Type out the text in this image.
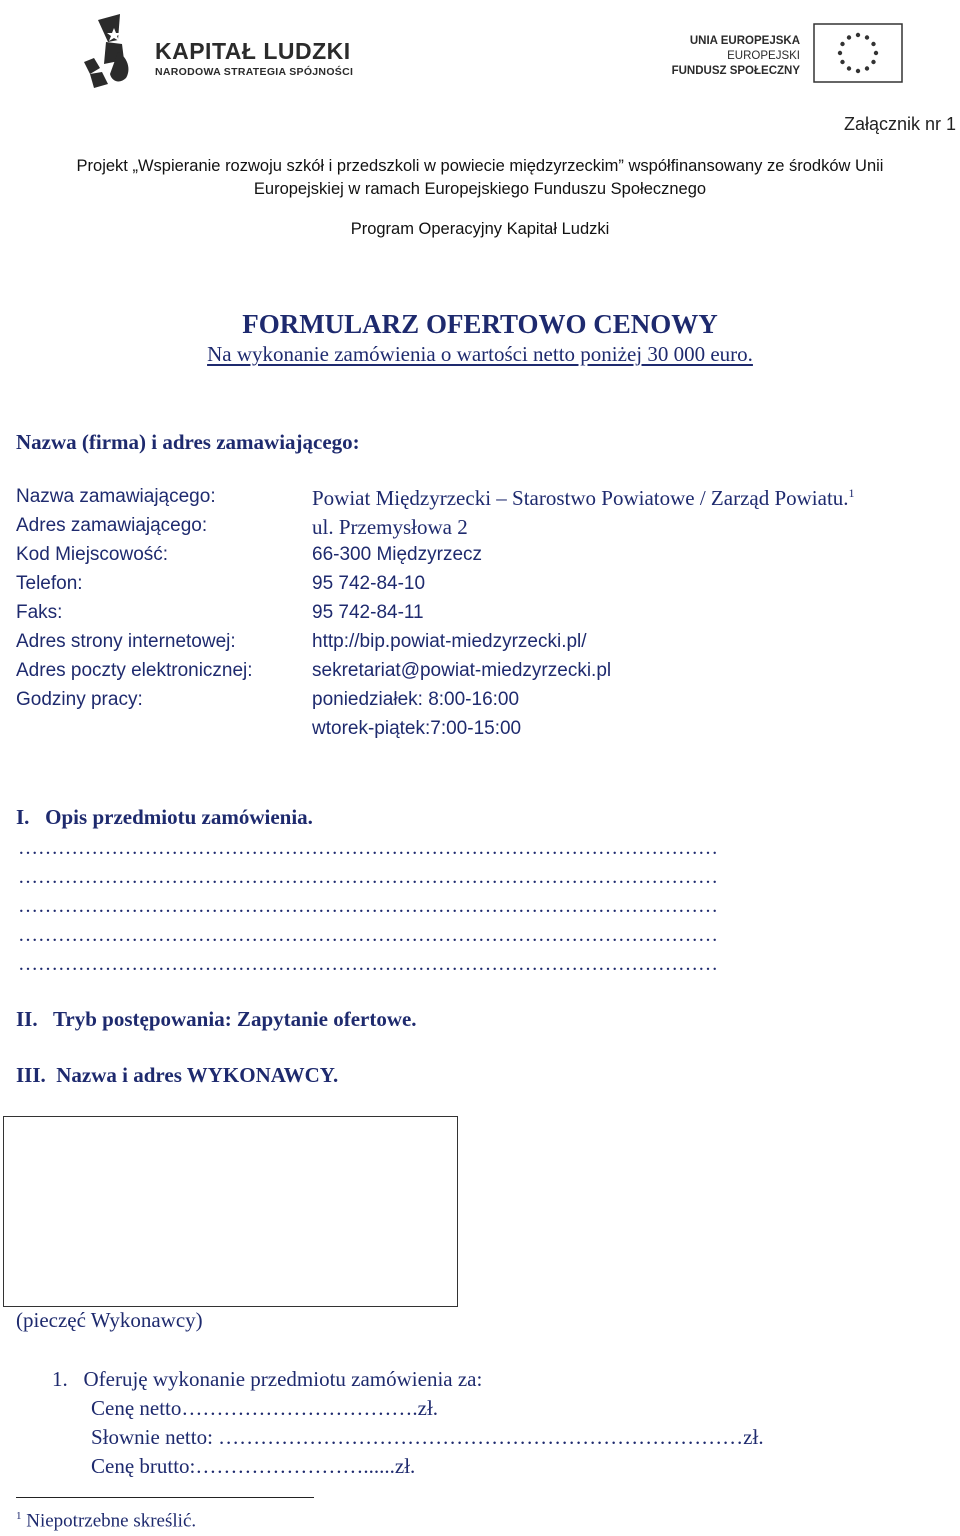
KAPITAŁ LUDZKI
NARODOWA STRATEGIA SPÓJNOŚCI
UNIA EUROPEJSKA
EUROPEJSKI
FUNDUSZ SPOŁECZNY
Załącznik nr 1
Projekt „Wspieranie rozwoju szkół i przedszkoli w powiecie międzyrzeckim” współfinansowany ze środków Unii
Europejskiej w ramach Europejskiego Funduszu Społecznego
Program Operacyjny Kapitał Ludzki
FORMULARZ OFERTOWO CENOWY
Na wykonanie zamówienia o wartości netto poniżej 30 000 euro.
Nazwa (firma) i adres zamawiającego:
Nazwa zamawiającego:	Powiat Międzyrzecki – Starostwo Powiatowe / Zarząd Powiatu.$^1$
Adres zamawiającego:	ul. Przemysłowa 2
Kod Miejscowość:	66-300 Międzyrzecz
Telefon:	95 742-84-10
Faks:	95 742-84-11
Adres strony internetowej:	http://bip.powiat-miedzyrzecki.pl/
Adres poczty elektronicznej:	sekretariat@powiat-miedzyrzecki.pl
Godziny pracy:	poniedziałek: 8:00-16:00
wtorek-piątek:7:00-15:00
I.   Opis przedmiotu zamówienia.
……………………………………………………………………………………………
……………………………………………………………………………………………
……………………………………………………………………………………………
……………………………………………………………………………………………
……………………………………………………………………………………………
II.   Tryb postępowania: Zapytanie ofertowe.
III.  Nazwa i adres WYKONAWCY.
(pieczęć Wykonawcy)
1.   Oferuję wykonanie przedmiotu zamówienia za:
Cenę netto…………………………….zł.
Słownie netto: …………………………………………………………………zł.
Cenę brutto:……………………......zł.
$^1$ Niepotrzebne skreślić.
